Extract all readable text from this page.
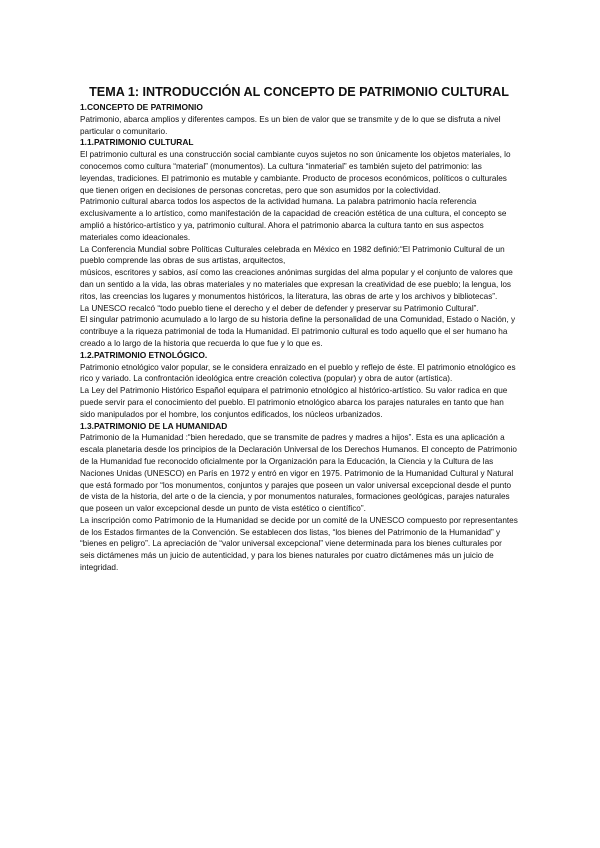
TEMA 1: INTRODUCCIÓN AL CONCEPTO DE PATRIMONIO CULTURAL
1.CONCEPTO DE PATRIMONIO

Patrimonio, abarca amplios y diferentes campos. Es un bien de valor que se transmite y de lo que se disfruta a nivel particular o comunitario.

1.1.PATRIMONIO CULTURAL

El patrimonio cultural es una construcción social cambiante cuyos sujetos no son únicamente los objetos materiales, lo conocemos como cultura “material” (monumentos). La cultura “inmaterial” es también sujeto del patrimonio: las leyendas, tradiciones. El patrimonio es mutable y cambiante. Producto de procesos económicos, políticos o culturales que tienen origen en decisiones de personas concretas, pero que son asumidos por la colectividad.

Patrimonio cultural abarca todos los aspectos de la actividad humana. La palabra patrimonio hacía referencia exclusivamente a lo artístico, como manifestación de la capacidad de creación estética de una cultura, el concepto se amplió a histórico-artístico y ya, patrimonio cultural. Ahora el patrimonio abarca la cultura tanto en sus aspectos materiales como ideacionales.

La Conferencia Mundial sobre Políticas Culturales celebrada en México en 1982 definió:“El Patrimonio Cultural de un pueblo comprende las obras de sus artistas, arquitectos,

músicos, escritores y sabios, así como las creaciones anónimas surgidas del alma popular y el conjunto de valores que dan un sentido a la vida, las obras materiales y no materiales que expresan la creatividad de ese pueblo; la lengua, los ritos, las creencias los lugares y monumentos históricos, la literatura, las obras de arte y los archivos y bibliotecas”.

La UNESCO recalcó “todo pueblo tiene el derecho y el deber de defender y preservar su Patrimonio Cultural”.

El singular patrimonio acumulado a lo largo de su historia define la personalidad de una Comunidad, Estado o Nación, y contribuye a la riqueza patrimonial de toda la Humanidad. El patrimonio cultural es todo aquello que el ser humano ha creado a lo largo de la historia que recuerda lo que fue y lo que es.

1.2.PATRIMONIO ETNOLÓGICO.

Patrimonio etnológico valor popular, se le considera enraizado en el pueblo y reflejo de éste. El patrimonio etnológico es rico y variado. La confrontación ideológica entre creación colectiva (popular) y obra de autor (artística).

La Ley del Patrimonio Histórico Español equipara el patrimonio etnológico al histórico-artístico. Su valor radica en que puede servir para el conocimiento del pueblo. El patrimonio etnológico abarca los parajes naturales en tanto que han sido manipulados por el hombre, los conjuntos edificados, los núcleos urbanizados.

1.3.PATRIMONIO DE LA HUMANIDAD

Patrimonio de la Humanidad :“bien heredado, que se transmite de padres y madres a hijos”. Esta es una aplicación a escala planetaria desde los principios de la Declaración Universal de los Derechos Humanos. El concepto de Patrimonio de la Humanidad fue reconocido oficialmente por la Organización para la Educación, la Ciencia y la Cultura de las Naciones Unidas (UNESCO) en París en 1972 y entró en vigor en 1975. Patrimonio de la Humanidad Cultural y Natural que está formado por “los monumentos, conjuntos y parajes que poseen un valor universal excepcional desde el punto de vista de la historia, del arte o de la ciencia, y por monumentos naturales, formaciones geológicas, parajes naturales que poseen un valor excepcional desde un punto de vista estético o científico”.

La inscripción como Patrimonio de la Humanidad se decide por un comité de la UNESCO compuesto por representantes de los Estados firmantes de la Convención. Se establecen dos listas, “los bienes del Patrimonio de la Humanidad” y “bienes en peligro”. La apreciación de “valor universal excepcional” viene determinada para los bienes culturales por seis dictámenes más un juicio de autenticidad, y para los bienes naturales por cuatro dictámenes más un juicio de integridad.
